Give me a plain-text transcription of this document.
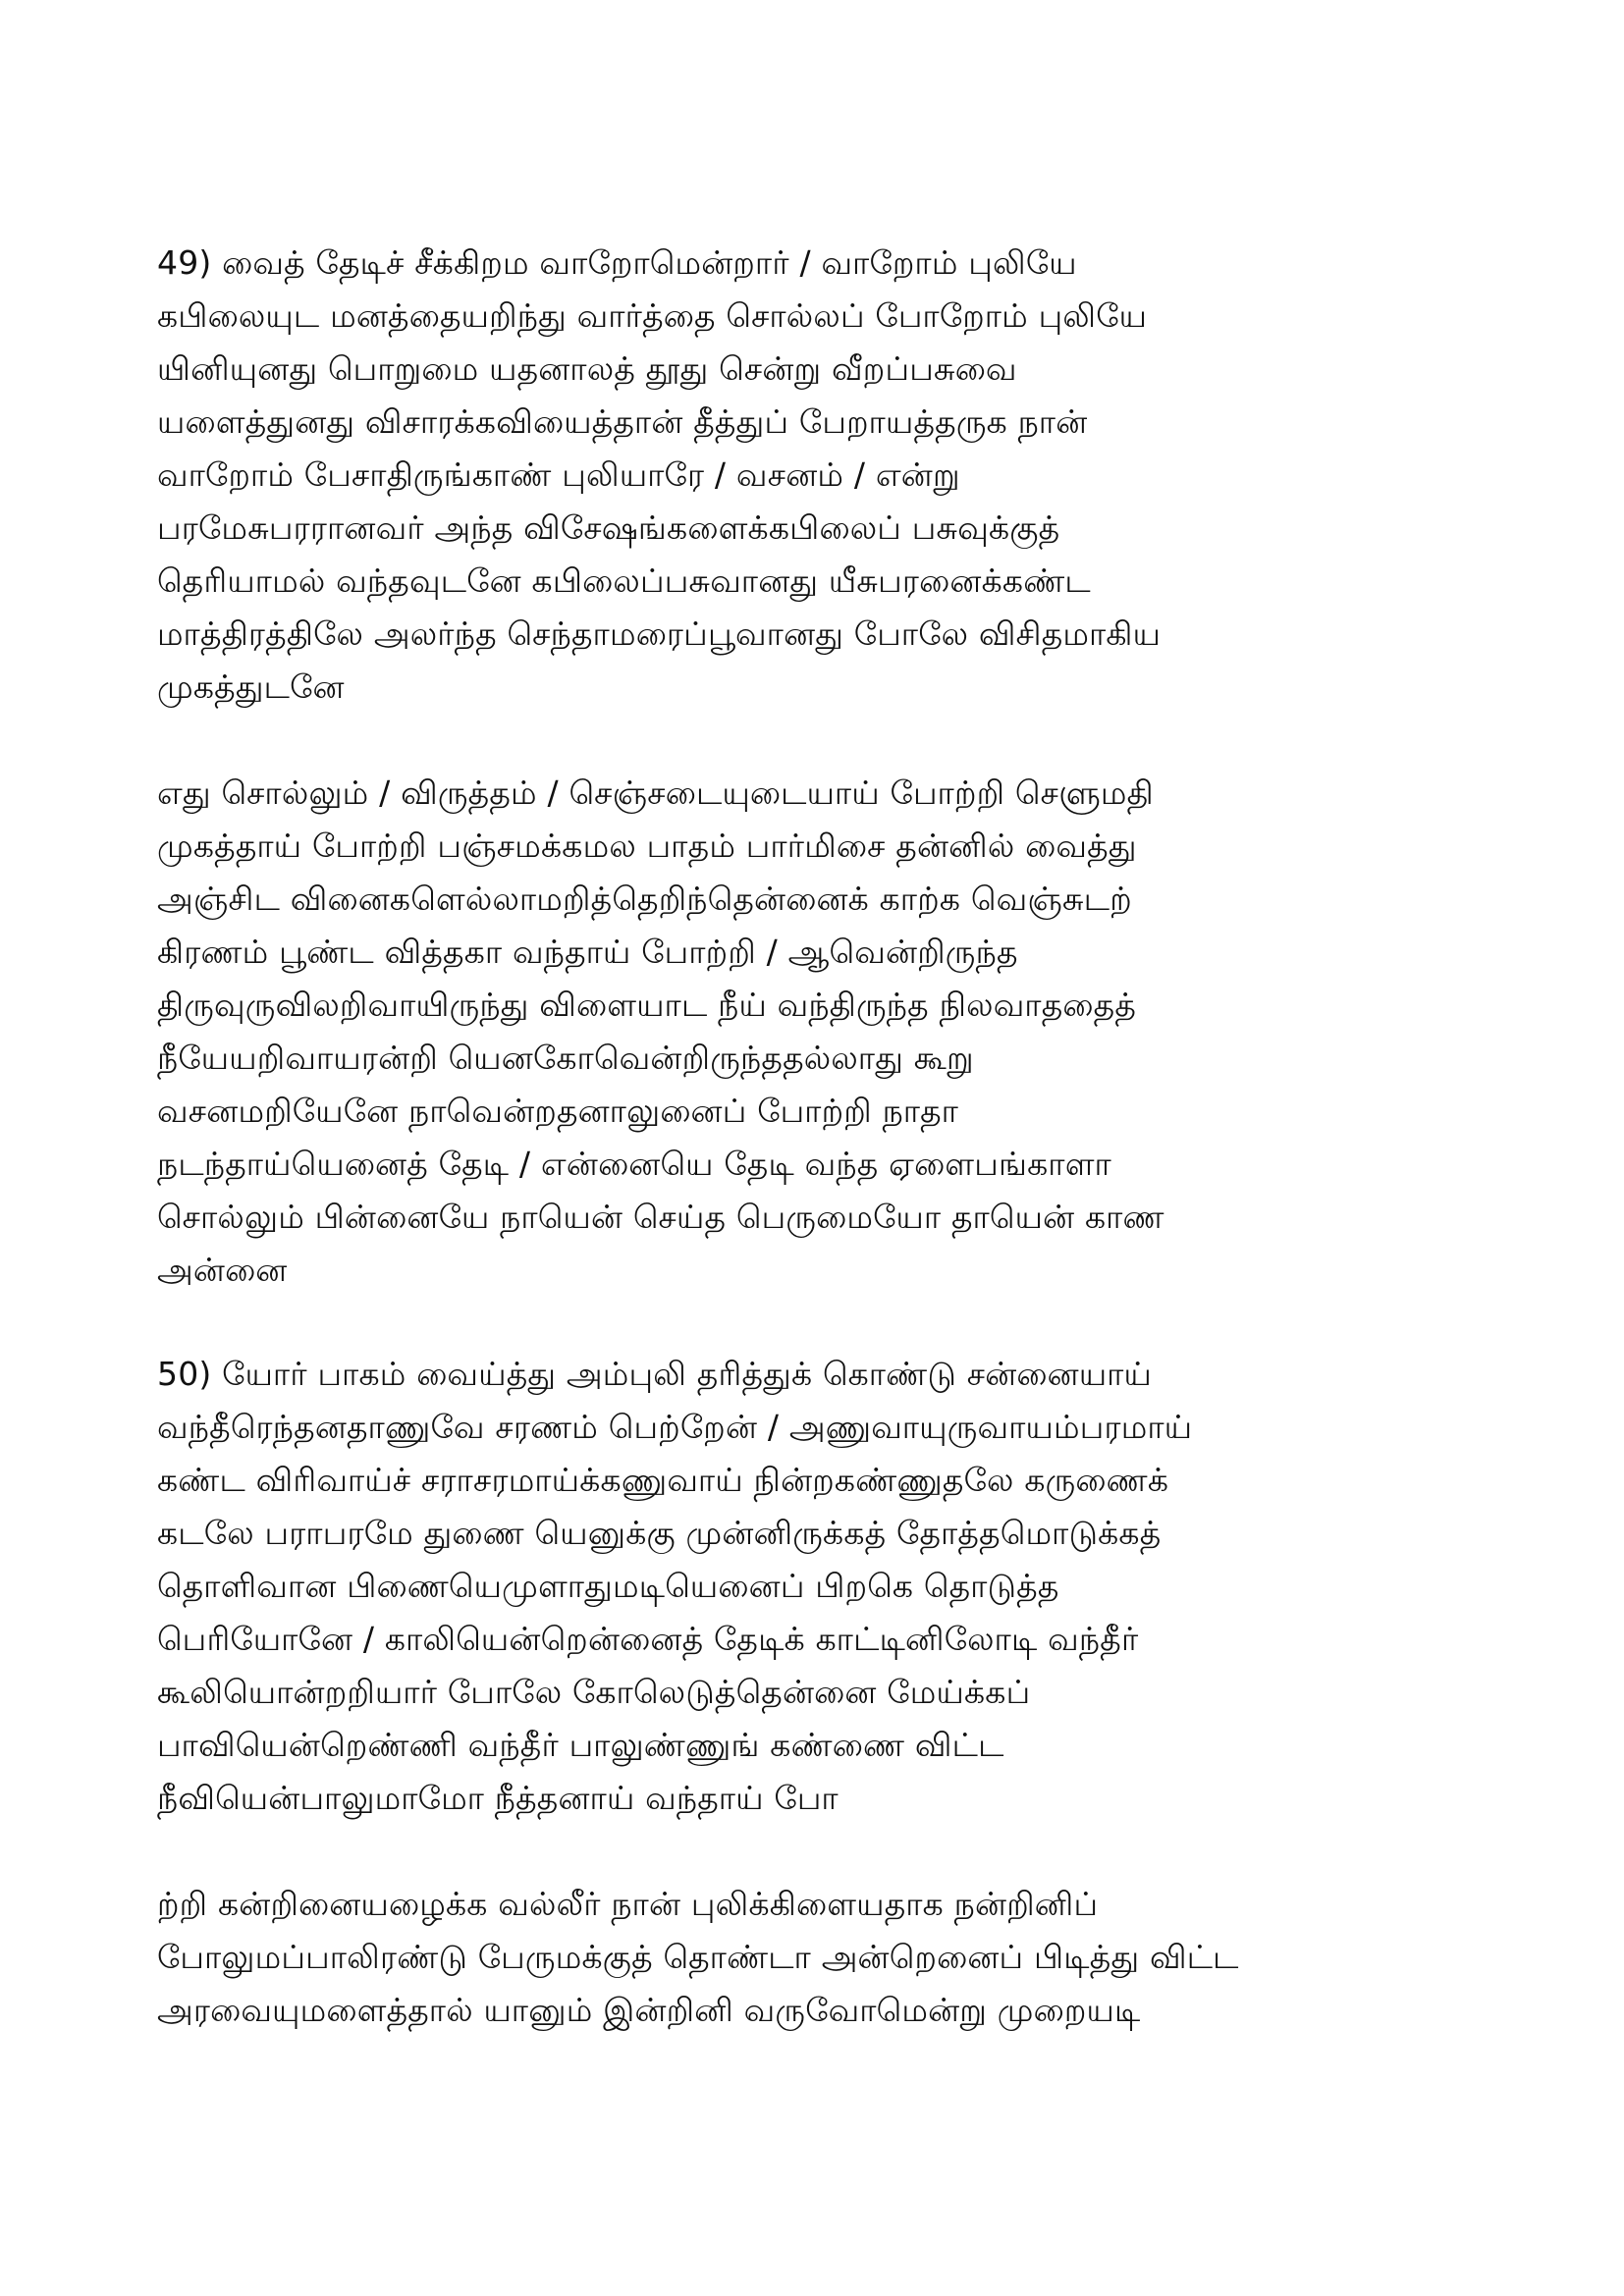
49) வைத் தேடிச் சீக்கிறம வாறோமென்றார் / வாறோம் புலியே
கபிலையுட மனத்தையறிந்து வார்த்தை சொல்லப் போறோம் புலியே
யினியுனது பொறுமை யதனாலத் தூது சென்று வீறப்பசுவை
யளைத்துனது விசாரக்கவியைத்தான் தீத்துப் பேறாயத்தருக நான்
வாறோம் பேசாதிருங்காண் புலியாரே / வசனம் / என்று
பரமேசுபரரானவர் அந்த விசேஷங்களைக்கபிலைப் பசுவுக்குத்
தெரியாமல் வந்தவுடனே கபிலைப்பசுவானது யீசுபரனைக்கண்ட
மாத்திரத்திலே அலர்ந்த செந்தாமரைப்பூவானது போலே விசிதமாகிய
முகத்துடனே
எது சொல்லும் / விருத்தம் / செஞ்சடையுடையாய் போற்றி செளுமதி
முகத்தாய் போற்றி பஞ்சமக்கமல பாதம் பார்மிசை தன்னில் வைத்து
அஞ்சிட வினைகளெல்லாமறித்தெறிந்தென்னைக் காற்க வெஞ்சுடற்
கிரணம் பூண்ட வித்தகா வந்தாய் போற்றி / ஆவென்றிருந்த
திருவுருவிலறிவாயிருந்து விளையாட நீய் வந்திருந்த நிலவாததைத்
நீயேயறிவாயரன்றி யெனகோவென்றிருந்ததல்லாது கூறு
வசனமறியேனே நாவென்றதனாலுனைப் போற்றி நாதா
நடந்தாய்யெனைத் தேடி / என்னையெ தேடி வந்த ஏளைபங்காளா
சொல்லும் பின்னையே நாயென் செய்த பெருமையோ தாயென் காண
அன்னை
50) யோர் பாகம் வைய்த்து அம்புலி தரித்துக் கொண்டு சன்னையாய்
வந்தீரெந்தனதாணுவே சரணம் பெற்றேன் / அணுவாயுருவாயம்பரமாய்
கண்ட விரிவாய்ச் சராசரமாய்க்கணுவாய் நின்றகண்ணுதலே கருணைக்
கடலே பராபரமே துணை யெனுக்கு முன்னிருக்கத் தோத்தமொடுக்கத்
தொளிவான பிணையெமுளாதுமடியெனைப் பிறகெ தொடுத்த
பெரியோனே / காலியென்றென்னைத் தேடிக் காட்டினிலோடி வந்தீர்
கூலியொன்றறியார் போலே கோலெடுத்தென்னை மேய்க்கப்
பாவியென்றெண்ணி வந்தீர் பாலுண்ணுங் கண்ணை விட்ட
நீவியென்பாலுமாமோ நீத்தனாய் வந்தாய் போ
ற்றி கன்றினையழைக்க வல்லீர் நான் புலிக்கிளையதாக நன்றினிப்
போலுமப்பாலிரண்டு பேருமக்குத் தொண்டா அன்றெனைப் பிடித்து விட்ட
அரவையுமளைத்தால் யானும் இன்றினி வருவோமென்று முறையடி
